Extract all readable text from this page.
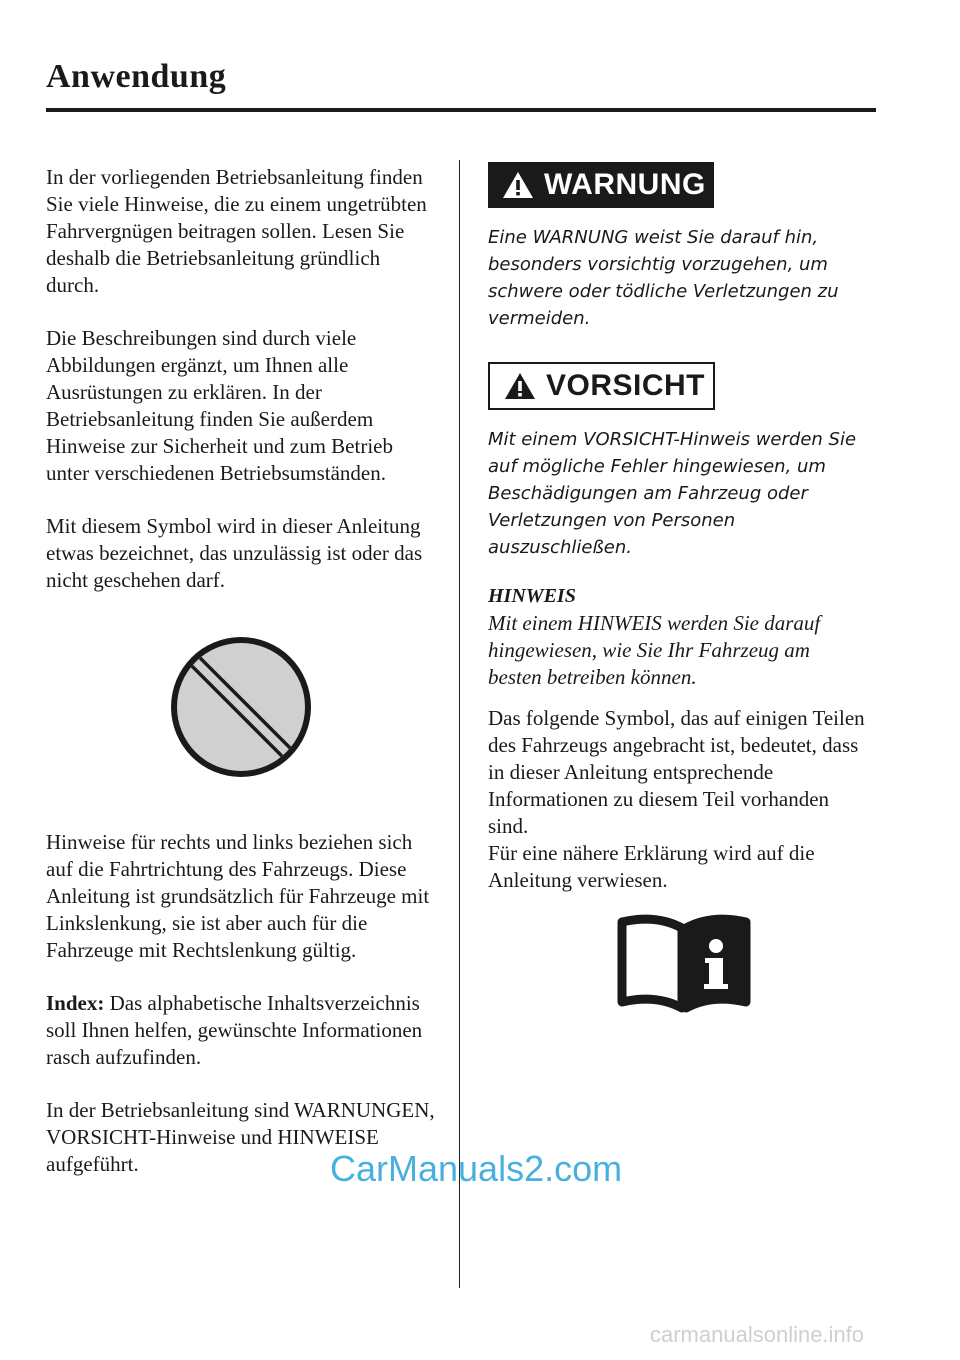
Anwendung

In der vorliegenden Betriebsanleitung finden Sie viele Hinweise, die zu einem ungetrübten Fahrvergnügen beitragen sollen. Lesen Sie deshalb die Betriebsanleitung gründlich durch.

Die Beschreibungen sind durch viele Abbildungen ergänzt, um Ihnen alle Ausrüstungen zu erklären. In der Betriebsanleitung finden Sie außerdem Hinweise zur Sicherheit und zum Betrieb unter verschiedenen Betriebsumständen.

Mit diesem Symbol wird in dieser Anleitung etwas bezeichnet, das unzulässig ist oder das nicht geschehen darf.

Hinweise für rechts und links beziehen sich auf die Fahrtrichtung des Fahrzeugs. Diese Anleitung ist grundsätzlich für Fahrzeuge mit Linkslenkung, sie ist aber auch für die Fahrzeuge mit Rechtslenkung gültig.

Index: Das alphabetische Inhaltsverzeichnis soll Ihnen helfen, gewünschte Informationen rasch aufzufinden.

In der Betriebsanleitung sind WARNUNGEN, VORSICHT-Hinweise und HINWEISE aufgeführt.

WARNUNG

Eine WARNUNG weist Sie darauf hin, besonders vorsichtig vorzugehen, um schwere oder tödliche Verletzungen zu vermeiden.

VORSICHT

Mit einem VORSICHT-Hinweis werden Sie auf mögliche Fehler hingewiesen, um Beschädigungen am Fahrzeug oder Verletzungen von Personen auszuschließen.

HINWEIS

Mit einem HINWEIS werden Sie darauf hingewiesen, wie Sie Ihr Fahrzeug am besten betreiben können.

Das folgende Symbol, das auf einigen Teilen des Fahrzeugs angebracht ist, bedeutet, dass in dieser Anleitung entsprechende Informationen zu diesem Teil vorhanden sind.

Für eine nähere Erklärung wird auf die Anleitung verwiesen.

CarManuals2.com
carmanualsonline.info
